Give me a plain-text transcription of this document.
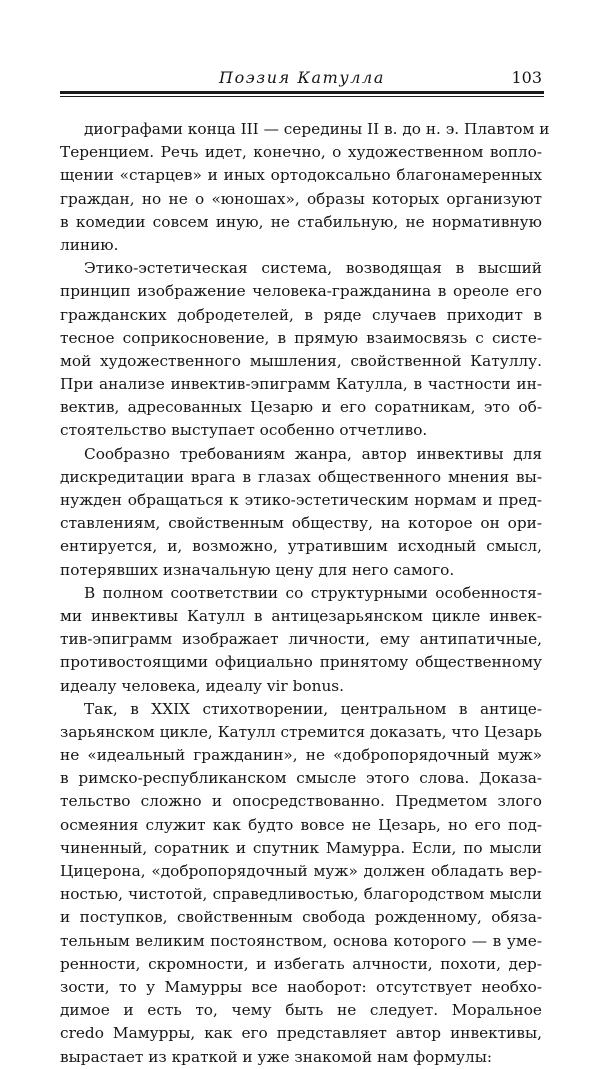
Поэзия Катулла	103
диографами конца III — середины II в. до н. э. Плавтом и
Теренцием. Речь идет, конечно, о художественном вопло-
щении «старцев» и иных ортодоксально благонамеренных
граждан, но не о «юношах», образы которых организуют
в комедии совсем иную, не стабильную, не нормативную
линию.
Этико-эстетическая система, возводящая в высший
принцип изображение человека-гражданина в ореоле его
гражданских добродетелей, в ряде случаев приходит в
тесное соприкосновение, в прямую взаимосвязь с систе-
мой художественного мышления, свойственной Катуллу.
При анализе инвектив-эпиграмм Катулла, в частности ин-
вектив, адресованных Цезарю и его соратникам, это об-
стоятельство выступает особенно отчетливо.
Сообразно требованиям жанра, автор инвективы для
дискредитации врага в глазах общественного мнения вы-
нужден обращаться к этико-эстетическим нормам и пред-
ставлениям, свойственным обществу, на которое он ори-
ентируется, и, возможно, утратившим исходный смысл,
потерявших изначальную цену для него самого.
В полном соответствии со структурными особенностя-
ми инвективы Катулл в антицезарьянском цикле инвек-
тив-эпиграмм изображает личности, ему антипатичные,
противостоящими официально принятому общественному
идеалу человека, идеалу vir bonus.
Так, в XXIX стихотворении, центральном в антице-
зарьянском цикле, Катулл стремится доказать, что Цезарь
не «идеальный гражданин», не «добропорядочный муж»
в римско-республиканском смысле этого слова. Доказа-
тельство сложно и опосредствованно. Предметом злого
осмеяния служит как будто вовсе не Цезарь, но его под-
чиненный, соратник и спутник Мамурра. Если, по мысли
Цицерона, «добропорядочный муж» должен обладать вер-
ностью, чистотой, справедливостью, благородством мысли
и поступков, свойственным свобода рожденному, обяза-
тельным великим постоянством, основа которого — в уме-
ренности, скромности, и избегать алчности, похоти, дер-
зости, то у Мамурры все наоборот: отсутствует необхо-
димое и есть то, чему быть не следует. Моральное
credo Мамурры, как его представляет автор инвективы,
вырастает из краткой и уже знакомой нам формулы:
